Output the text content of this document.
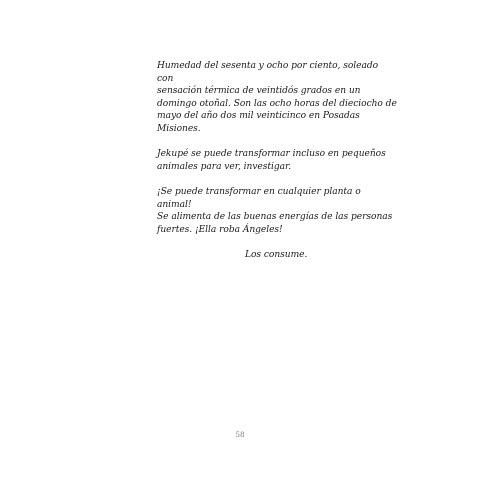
Humedad del sesenta y ocho por ciento, soleado con
sensación térmica de veintidós grados en un
domingo otoñal. Son las ocho horas del dieciocho de
mayo del año dos mil veinticinco en Posadas
Misiones.

Jekupé se puede transformar incluso en pequeños
animales para ver, investigar.

¡Se puede transformar en cualquier planta o animal!
Se alimenta de las buenas energías de las personas
fuertes. ¡Ella roba Ángeles!

Los consume.

58
